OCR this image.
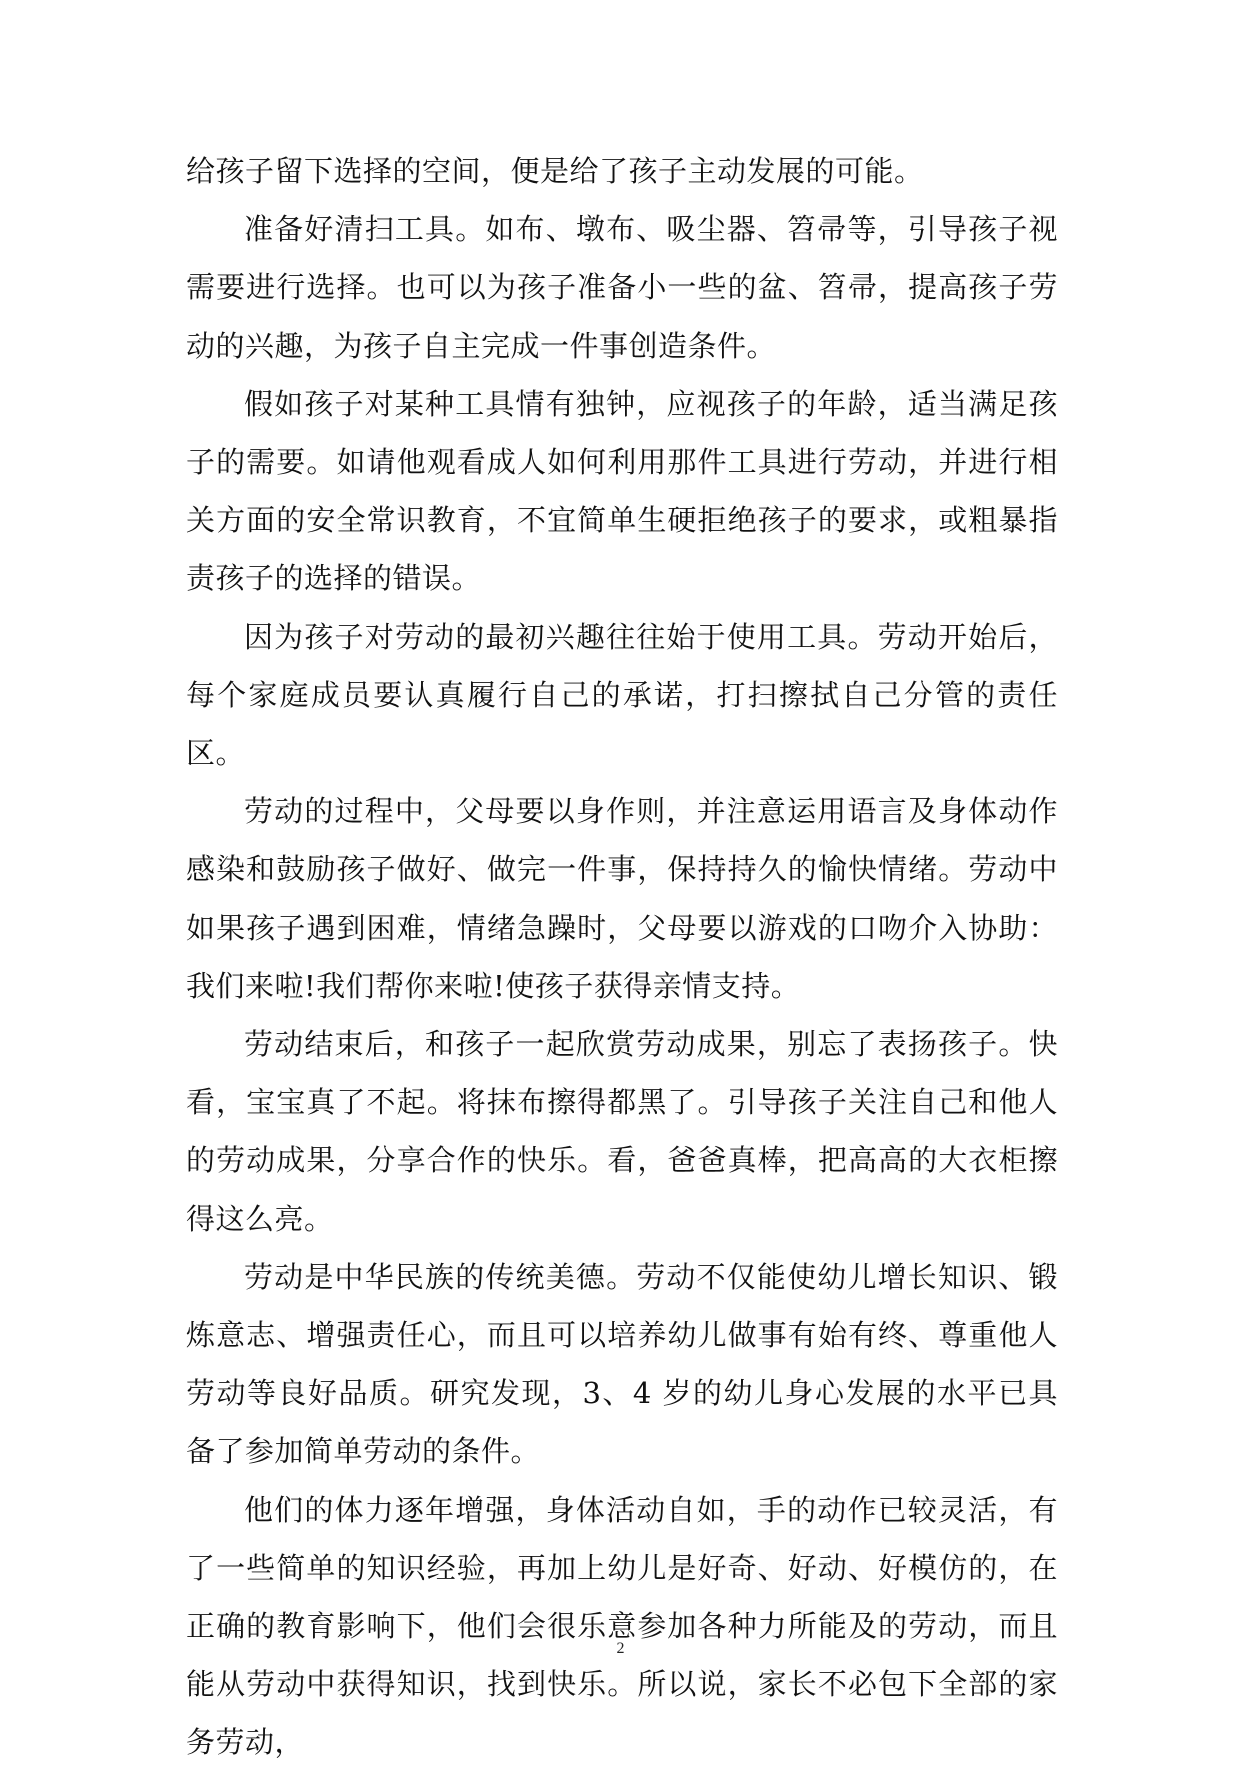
给孩子留下选择的空间，便是给了孩子主动发展的可能。

准备好清扫工具。如布、墩布、吸尘器、笤帚等，引导孩子视需要进行选择。也可以为孩子准备小一些的盆、笤帚，提高孩子劳动的兴趣，为孩子自主完成一件事创造条件。

假如孩子对某种工具情有独钟，应视孩子的年龄，适当满足孩子的需要。如请他观看成人如何利用那件工具进行劳动，并进行相关方面的安全常识教育，不宜简单生硬拒绝孩子的要求，或粗暴指责孩子的选择的错误。

因为孩子对劳动的最初兴趣往往始于使用工具。劳动开始后，每个家庭成员要认真履行自己的承诺，打扫擦拭自己分管的责任区。

劳动的过程中，父母要以身作则，并注意运用语言及身体动作感染和鼓励孩子做好、做完一件事，保持持久的愉快情绪。劳动中如果孩子遇到困难，情绪急躁时，父母要以游戏的口吻介入协助：我们来啦!我们帮你来啦!使孩子获得亲情支持。

劳动结束后，和孩子一起欣赏劳动成果，别忘了表扬孩子。快看，宝宝真了不起。将抹布擦得都黑了。引导孩子关注自己和他人的劳动成果，分享合作的快乐。看，爸爸真棒，把高高的大衣柜擦得这么亮。

劳动是中华民族的传统美德。劳动不仅能使幼儿增长知识、锻炼意志、增强责任心，而且可以培养幼儿做事有始有终、尊重他人劳动等良好品质。研究发现，3、4 岁的幼儿身心发展的水平已具备了参加简单劳动的条件。

他们的体力逐年增强，身体活动自如，手的动作已较灵活，有了一些简单的知识经验，再加上幼儿是好奇、好动、好模仿的，在正确的教育影响下，他们会很乐意参加各种力所能及的劳动，而且能从劳动中获得知识，找到快乐。所以说，家长不必包下全部的家务劳动，

2
